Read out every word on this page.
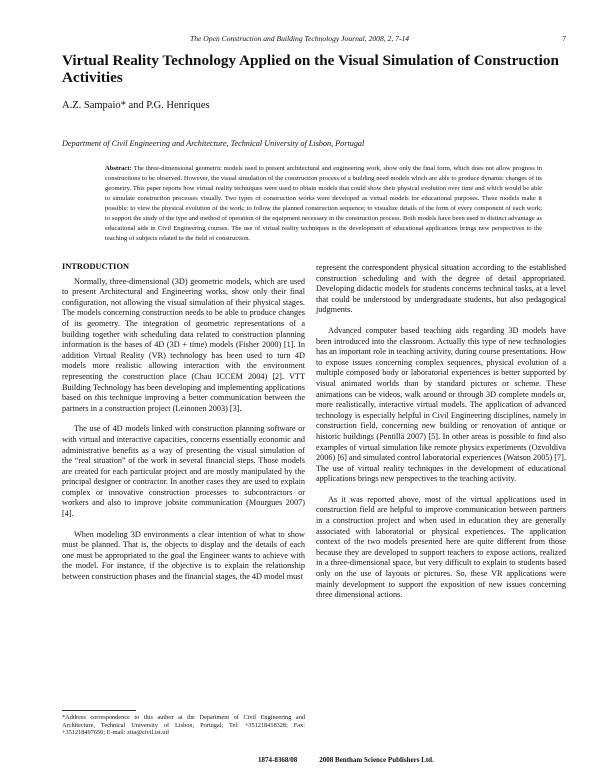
The Open Construction and Building Technology Journal, 2008, 2, 7-14	7
Virtual Reality Technology Applied on the Visual Simulation of Construction Activities
A.Z. Sampaio* and P.G. Henriques
Department of Civil Engineering and Architecture, Technical University of Lisbon, Portugal

Abstract: The three-dimensional geometric models used to present architectural and engineering work, show only the final form, which does not allow progress in constructions to be observed. However, the visual simulation of the construction process of a building need models which are able to produce dynamic changes of its geometry. This paper reports how virtual reality techniques were used to obtain models that could show their physical evolution over time and which would be able to simulate construction processes visually. Two types of construction works were developed as virtual models for educational purposes. These models make it possible: to view the physical evolution of the work; to follow the planned construction sequence; to visualize details of the form of every component of each work; to support the study of the type and method of operation of the equipment necessary in the construction process. Both models have been used to distinct advantage as educational aids in Civil Engineering courses. The use of virtual reality techniques in the development of educational applications brings new perspectives to the teaching of subjects related to the field of construction.

INTRODUCTION

Normally, three-dimensional (3D) geometric models, which are used to present Architectural and Engineering works, show only their final configuration, not allowing the visual simulation of their physical stages. The models concerning construction needs to be able to produce changes of its geometry. The integration of geometric representations of a building together with scheduling data related to construction planning information is the bases of 4D (3D + time) models (Fisher 2000) [1]. In addition Virtual Reality (VR) technology has been used to turn 4D models more realistic allowing interaction with the environment representing the construction place (Chau ICCEM 2004) [2]. VTT Building Technology has been developing and implementing applications based on this technique improving a better communication between the partners in a construction project (Leinonen 2003) [3].

The use of 4D models linked with construction planning software or with virtual and interactive capacities, concerns essentially economic and administrative benefits as a way of presenting the visual simulation of the “real situation” of the work in several financial steps. Those models are created for each particular project and are mostly manipulated by the principal designer or contractor. In another cases they are used to explain complex or innovative construction processes to subcontractors or workers and also to improve jobsite communication (Mourgues 2007) [4].

When modeling 3D environments a clear intention of what to show must be planned. That is, the objects to display and the details of each one must be appropriated to the goal the Engineer wants to achieve with the model. For instance, if the objective is to explain the relationship between construction phases and the financial stages, the 4D model must

represent the correspondent physical situation according to the established construction scheduling and with the degree of detail appropriated. Developing didactic models for students concerns technical tasks, at a level that could be understood by undergraduate students, but also pedagogical judgments.

Advanced computer based teaching aids regarding 3D models have been introduced into the classroom. Actually this type of new technologies has an important role in teaching activity, during course presentations. How to expose issues concerning complex sequences, physical evolution of a multiple composed body or laboratorial experiences is better supported by visual animated worlds than by standard pictures or scheme. These animations can be videos, walk around or through 3D complete models or, more realistically, interactive virtual models. The application of advanced technology is especially helpful in Civil Engineering disciplines, namely in construction field, concerning new building or renovation of antique or historic buildings (Pentillä 2007) [5]. In other areas is possible to find also examples of virtual simulation like remote physics experiments (Ozvoldiva 2006) [6] and simulated control laboratorial experiences (Watson 2005) [7]. The use of virtual reality techniques in the development of educational applications brings new perspectives to the teaching activity.

As it was reported above, most of the virtual applications used in construction field are helpful to improve communication between partners in a construction project and when used in education they are generally associated with laboratorial or physical experiences. The application context of the two models presented here are quite different from those because they are developed to support teachers to expose actions, realized in a three-dimensional space, but very difficult to explain to students based only on the use of layouts or pictures. So, these VR applications were mainly development to support the exposition of new issues concerning three dimensional actions.

*Address correspondence to this author at the Department of Civil Engineering and Architecture, Technical University of Lisbon, Portugal; Tel: +351218418328; Fax: +351218497650; E-mail: zita@civil.ist.utl
1874-8368/08	2008 Bentham Science Publishers Ltd.
